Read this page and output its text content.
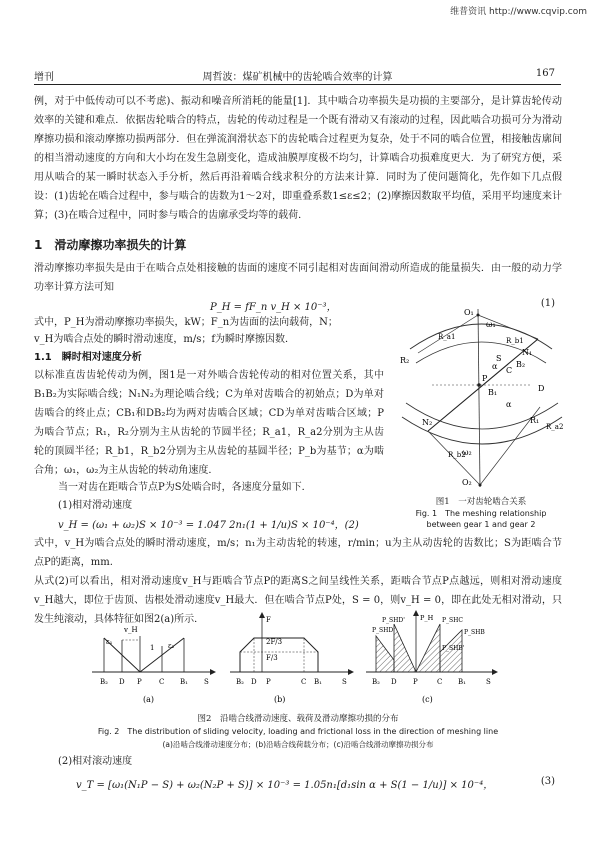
维普资讯 http://www.cqvip.com
增刊	周哲波：煤矿机械中的齿轮啮合效率的计算	167
例，对于中低传动可以不考虑)、振动和噪音所消耗的能量[1]．其中啮合功率损失是功损的主要部分，是计算齿轮传动效率的关键和难点．依据齿轮啮合的特点，齿轮的传动过程是一个既有滑动又有滚动的过程，因此啮合功损可分为滑动摩擦功损和滚动摩擦功损两部分．但在弹流润滑状态下的齿轮啮合过程更为复杂，处于不同的啮合位置，相接触齿廓间的相当滑动速度的方向和大小均在发生急剧变化，造成油膜厚度极不均匀，计算啮合功损难度更大．为了研究方便，采用从啮合的某一瞬时状态入手分析，然后再沿着啮合线求积分的方法来计算．同时为了使问题简化，先作如下几点假设：(1)齿轮在啮合过程中，参与啮合的齿数为1～2对，即重叠系数1≤ε≤2；(2)摩擦因数取平均值，采用平均速度来计算；(3)在啮合过程中，同时参与啮合的齿廓承受均等的载荷．
1　滑动摩擦功率损失的计算
滑动摩擦功率损失是由于在啮合点处相接触的齿面的速度不同引起相对齿面间滑动所造成的能量损失．由一般的动力学功率计算方法可知
P_H = fF_n v_H × 10⁻³，	(1)
式中，P_H为滑动摩擦功率损失，kW；F_n为齿面的法向载荷，N；
v_H为啮合点处的瞬时滑动速度，m/s；f为瞬时摩擦因数．
1.1　瞬时相对速度分析
以标准直齿齿轮传动为例，图1是一对外啮合齿轮传动的相对位置关系，其中B₁B₂为实际啮合线；N₁N₂为理论啮合线；C为单对齿啮合的初始点；D为单对齿啮合的终止点；CB₁和DB₂均为两对齿啮合区域；CD为单对齿啮合区域；P为啮合节点；R₁，R₂分别为主从齿轮的节圆半径；R_a1，R_a2分别为主从齿轮的顶圆半径；R_b1，R_b2分别为主从齿轮的基圆半径；P_b为基节；α为啮合角；ω₁，ω₂为主从齿轮的转动角速度．
当一对齿在距啮合节点P为S处啮合时，各速度分量如下．
(1)相对滑动速度
v_H = (ω₁ + ω₂)S × 10⁻³ = 1.047 2n₁(1 + 1/u)S × 10⁻⁴，(2)
式中，v_H为啮合点处的瞬时滑动速度，m/s；n₁为主动齿轮的转速，r/min；u为主从动齿轮的齿数比；S为距啮合节点P的距离，mm.
从式(2)可以看出，相对滑动速度v_H与距啮合节点P的距离S之间呈线性关系，距啮合节点P点越远，则相对滑动速度v_H越大，即位于齿顶、齿根处滑动速度v_H最大．但在啮合节点P处，S = 0，则v_H = 0，即在此处无相对滑动，只发生纯滚动，具体特征如图2(a)所示．
O₁
ω₁
O₂
ω₂
B₁
B₂
N₁
N₂
C
D
P
S
α
α
R₁
R₂
R_b1
R_b2
R_a1
R_a2
图1　一对齿轮啮合关系
Fig. 1　The meshing relationship
between gear 1 and gear 2
v_H
ε₁
1 ε₂
B₂ D P C B₁ S
(a)
F
2F/3
F/3
B₂ D P	C B₁	S
(b)
P_H
P_SHD
P_SHD'	P_SHC
P_SHB
P_SHB'
B₂ D P	C B₁	S
(c)
图2　沿啮合线滑动速度、载荷及滑动摩擦功损的分布
Fig. 2　The distribution of sliding velocity, loading and frictional loss in the direction of meshing line
(a)沿啮合线滑动速度分布；(b)沿啮合线荷载分布；(c)沿啮合线滑动摩擦功损分布
(2)相对滚动速度
v_T = [ω₁(N₁P − S) + ω₂(N₂P + S)] × 10⁻³ = 1.05n₁[d₁sin α + S(1 − 1/u)] × 10⁻⁴，	(3)
